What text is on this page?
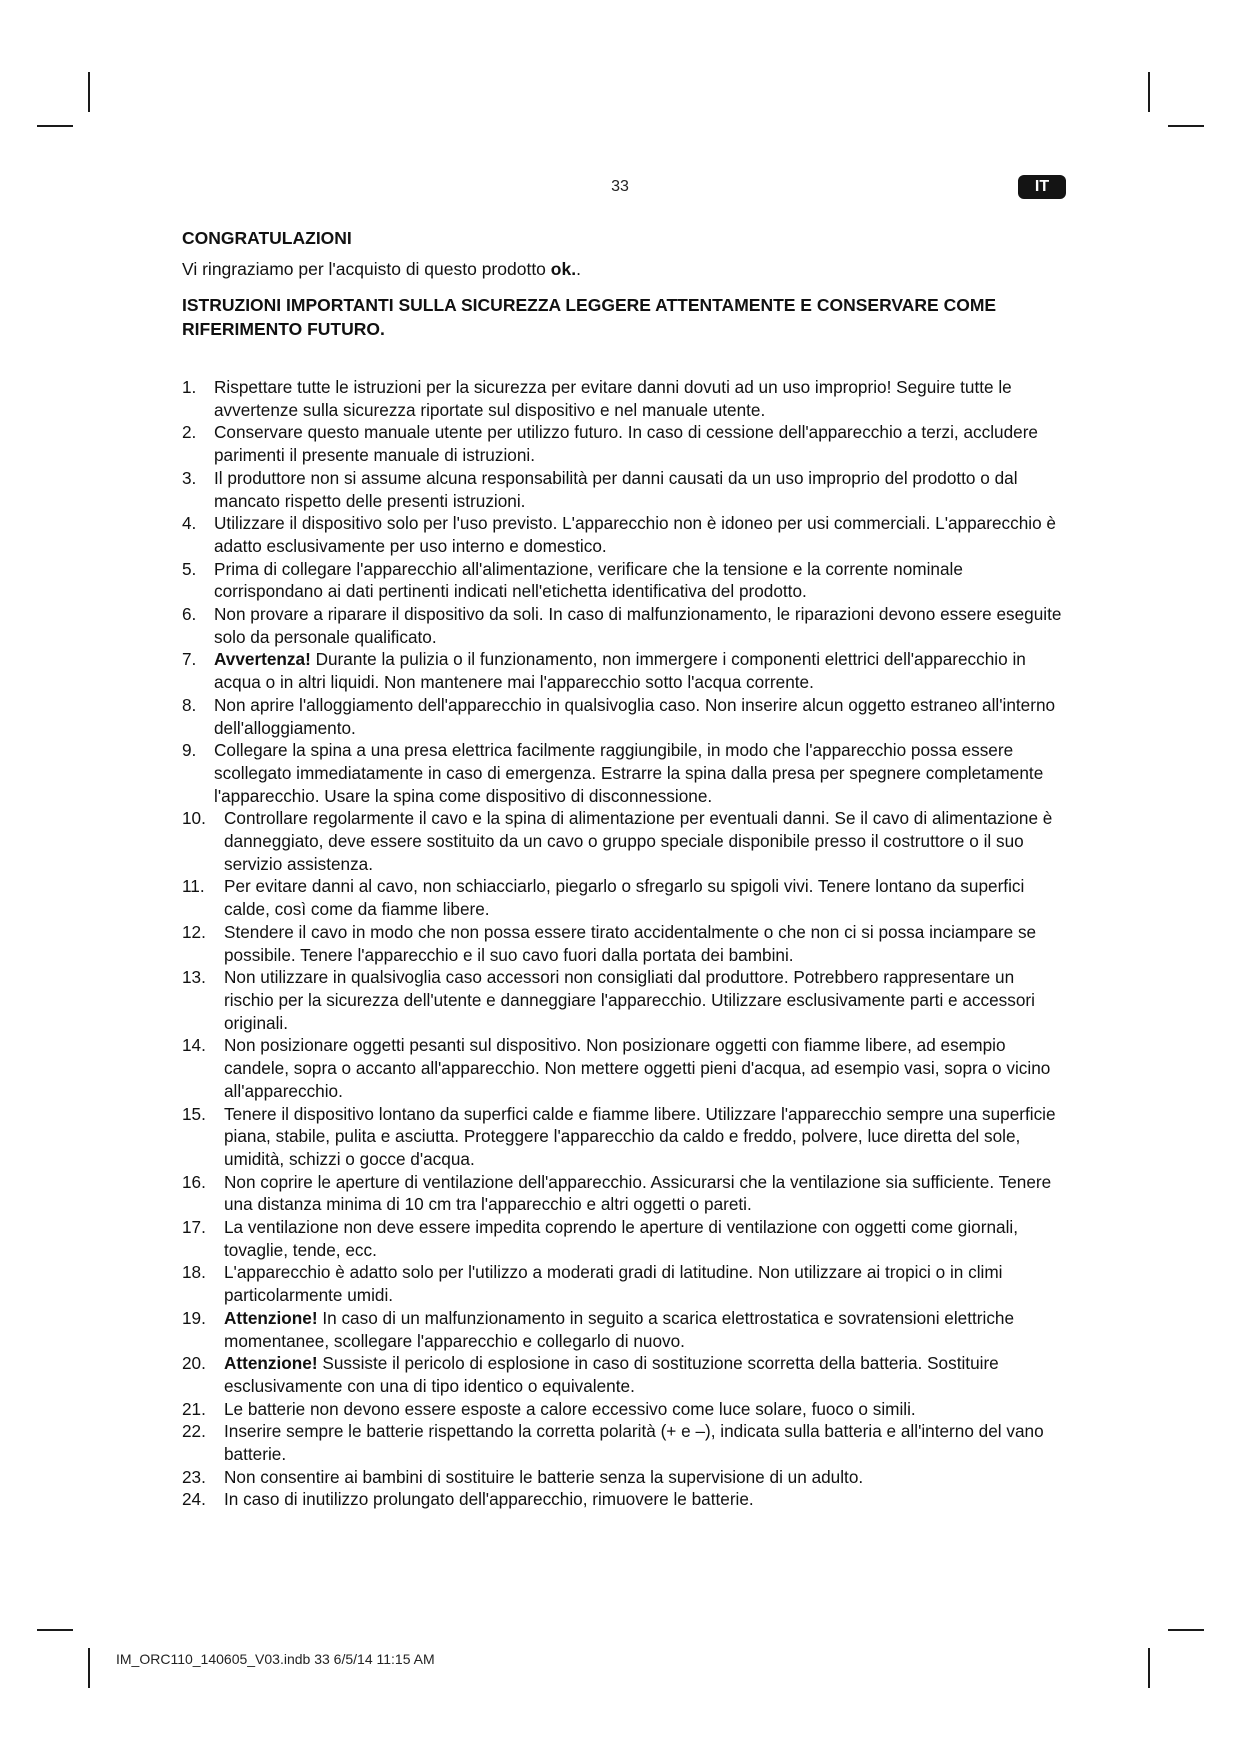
33	IT
CONGRATULAZIONI

Vi ringraziamo per l'acquisto di questo prodotto ok..

ISTRUZIONI IMPORTANTI SULLA SICUREZZA LEGGERE ATTENTAMENTE E CONSERVARE COME RIFERIMENTO FUTURO.
1. Rispettare tutte le istruzioni per la sicurezza per evitare danni dovuti ad un uso improprio! Seguire tutte le avvertenze sulla sicurezza riportate sul dispositivo e nel manuale utente.
2. Conservare questo manuale utente per utilizzo futuro. In caso di cessione dell'apparecchio a terzi, accludere parimenti il presente manuale di istruzioni.
3. Il produttore non si assume alcuna responsabilità per danni causati da un uso improprio del prodotto o dal mancato rispetto delle presenti istruzioni.
4. Utilizzare il dispositivo solo per l'uso previsto. L'apparecchio non è idoneo per usi commerciali. L'apparecchio è adatto esclusivamente per uso interno e domestico.
5. Prima di collegare l'apparecchio all'alimentazione, verificare che la tensione e la corrente nominale corrispondano ai dati pertinenti indicati nell'etichetta identificativa del prodotto.
6. Non provare a riparare il dispositivo da soli. In caso di malfunzionamento, le riparazioni devono essere eseguite solo da personale qualificato.
7. Avvertenza! Durante la pulizia o il funzionamento, non immergere i componenti elettrici dell'apparecchio in acqua o in altri liquidi. Non mantenere mai l'apparecchio sotto l'acqua corrente.
8. Non aprire l'alloggiamento dell'apparecchio in qualsivoglia caso. Non inserire alcun oggetto estraneo all'interno dell'alloggiamento.
9. Collegare la spina a una presa elettrica facilmente raggiungibile, in modo che l'apparecchio possa essere scollegato immediatamente in caso di emergenza. Estrarre la spina dalla presa per spegnere completamente l'apparecchio. Usare la spina come dispositivo di disconnessione.
10. Controllare regolarmente il cavo e la spina di alimentazione per eventuali danni. Se il cavo di alimentazione è danneggiato, deve essere sostituito da un cavo o gruppo speciale disponibile presso il costruttore o il suo servizio assistenza.
11. Per evitare danni al cavo, non schiacciarlo, piegarlo o sfregarlo su spigoli vivi. Tenere lontano da superfici calde, così come da fiamme libere.
12. Stendere il cavo in modo che non possa essere tirato accidentalmente o che non ci si possa inciampare se possibile. Tenere l'apparecchio e il suo cavo fuori dalla portata dei bambini.
13. Non utilizzare in qualsivoglia caso accessori non consigliati dal produttore. Potrebbero rappresentare un rischio per la sicurezza dell'utente e danneggiare l'apparecchio. Utilizzare esclusivamente parti e accessori originali.
14. Non posizionare oggetti pesanti sul dispositivo. Non posizionare oggetti con fiamme libere, ad esempio candele, sopra o accanto all'apparecchio. Non mettere oggetti pieni d'acqua, ad esempio vasi, sopra o vicino all'apparecchio.
15. Tenere il dispositivo lontano da superfici calde e fiamme libere. Utilizzare l'apparecchio sempre una superficie piana, stabile, pulita e asciutta. Proteggere l'apparecchio da caldo e freddo, polvere, luce diretta del sole, umidità, schizzi o gocce d'acqua.
16. Non coprire le aperture di ventilazione dell'apparecchio. Assicurarsi che la ventilazione sia sufficiente. Tenere una distanza minima di 10 cm tra l'apparecchio e altri oggetti o pareti.
17. La ventilazione non deve essere impedita coprendo le aperture di ventilazione con oggetti come giornali, tovaglie, tende, ecc.
18. L'apparecchio è adatto solo per l'utilizzo a moderati gradi di latitudine. Non utilizzare ai tropici o in climi particolarmente umidi.
19. Attenzione! In caso di un malfunzionamento in seguito a scarica elettrostatica e sovratensioni elettriche momentanee, scollegare l'apparecchio e collegarlo di nuovo.
20. Attenzione! Sussiste il pericolo di esplosione in caso di sostituzione scorretta della batteria. Sostituire esclusivamente con una di tipo identico o equivalente.
21. Le batterie non devono essere esposte a calore eccessivo come luce solare, fuoco o simili.
22. Inserire sempre le batterie rispettando la corretta polarità (+ e –), indicata sulla batteria e all'interno del vano batterie.
23. Non consentire ai bambini di sostituire le batterie senza la supervisione di un adulto.
24. In caso di inutilizzo prolungato dell'apparecchio, rimuovere le batterie.
IM_ORC110_140605_V03.indb 33 6/5/14 11:15 AM
